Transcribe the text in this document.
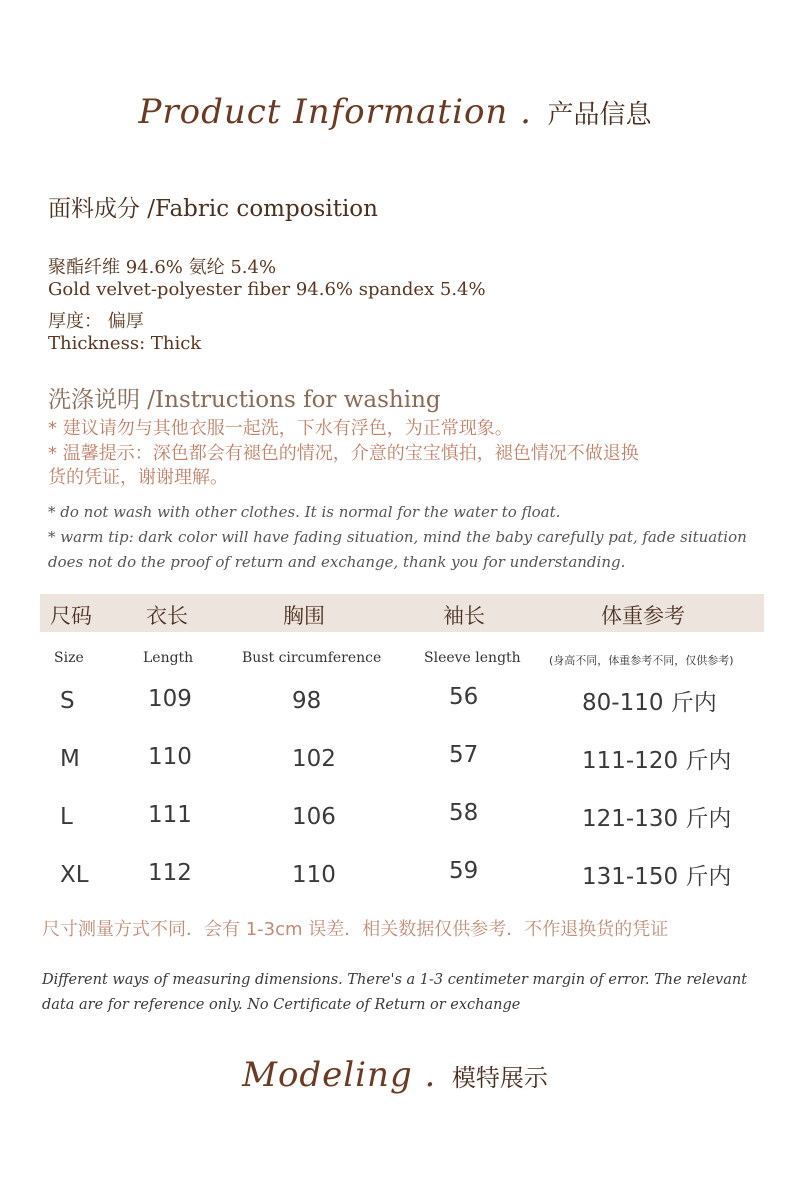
Product Information . 产品信息
面料成分 /Fabric composition
聚酯纤维 94.6% 氨纶 5.4%
Gold velvet-polyester fiber 94.6% spandex 5.4%
厚度： 偏厚
Thickness: Thick
洗涤说明 /Instructions for washing
* 建议请勿与其他衣服一起洗，下水有浮色，为正常现象。
* 温馨提示：深色都会有褪色的情况，介意的宝宝慎拍，褪色情况不做退换
货的凭证，谢谢理解。
* do not wash with other clothes. It is normal for the water to float.
* warm tip: dark color will have fading situation, mind the baby carefully pat, fade situation
does not do the proof of return and exchange, thank you for understanding.
尺码	衣长	胸围	袖长	体重参考
Size	Length	Bust circumference	Sleeve length	(身高不同，体重参考不同，仅供参考)
S	109	98	56	80-110 斤内
M	110	102	57	111-120 斤内
L	111	106	58	121-130 斤内
XL	112	110	59	131-150 斤内
尺寸测量方式不同．会有 1-3cm 误差．相关数据仅供参考．不作退换货的凭证
Different ways of measuring dimensions. There's a 1-3 centimeter margin of error. The relevant data are for reference only. No Certificate of Return or exchange
Modeling . 模特展示
